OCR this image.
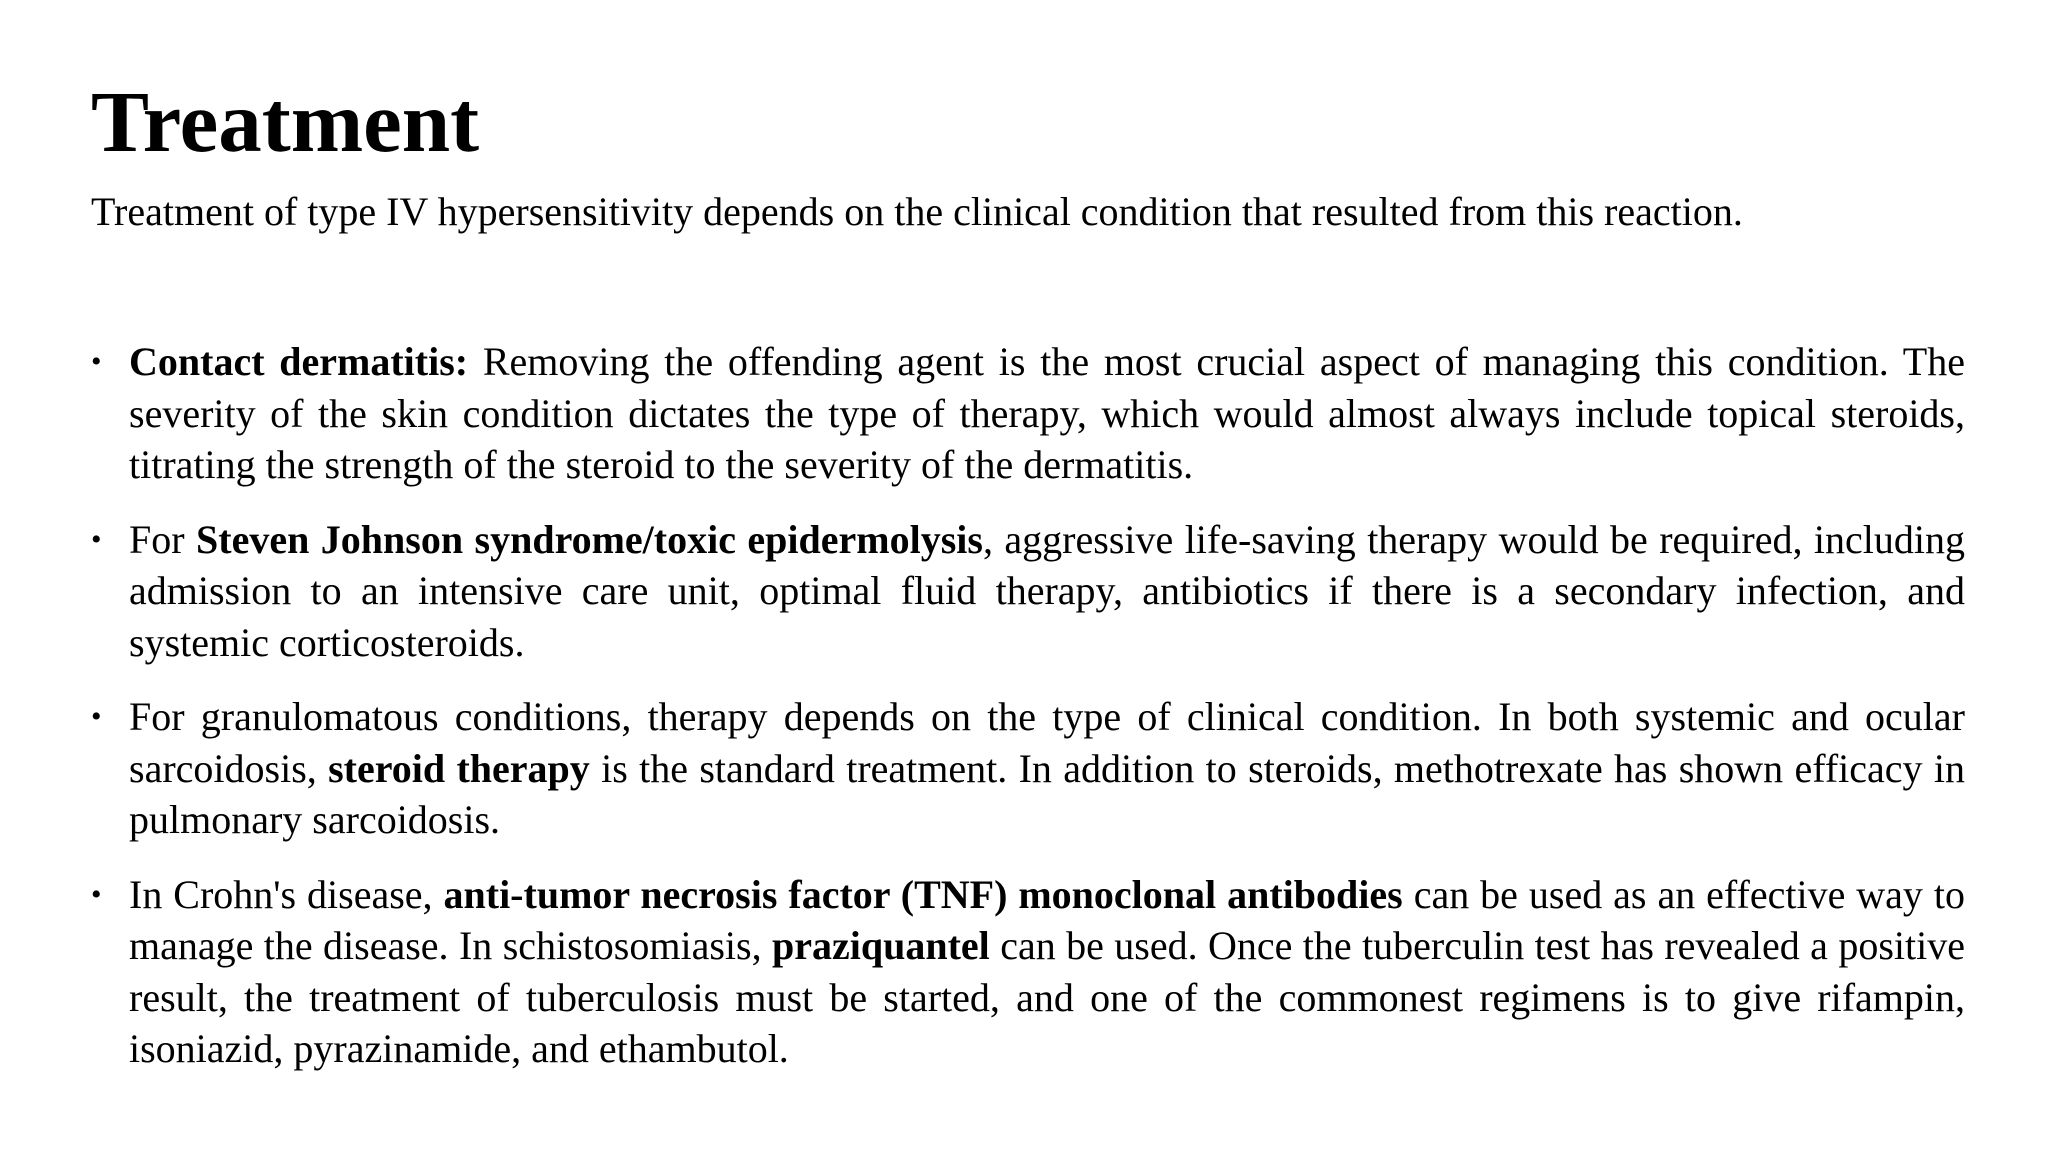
Treatment

Treatment of type IV hypersensitivity depends on the clinical condition that resulted from this reaction.

• Contact dermatitis: Removing the offending agent is the most crucial aspect of managing this condition. The severity of the skin condition dictates the type of therapy, which would almost always include topical steroids, titrating the strength of the steroid to the severity of the dermatitis.
• For Steven Johnson syndrome/toxic epidermolysis, aggressive life-saving therapy would be required, including admission to an intensive care unit, optimal fluid therapy, antibiotics if there is a secondary infection, and systemic corticosteroids.
• For granulomatous conditions, therapy depends on the type of clinical condition. In both systemic and ocular sarcoidosis, steroid therapy is the standard treatment. In addition to steroids, methotrexate has shown efficacy in pulmonary sarcoidosis.
• In Crohn's disease, anti-tumor necrosis factor (TNF) monoclonal antibodies can be used as an effective way to manage the disease. In schistosomiasis, praziquantel can be used. Once the tuberculin test has revealed a positive result, the treatment of tuberculosis must be started, and one of the commonest regimens is to give rifampin, isoniazid, pyrazinamide, and ethambutol.
